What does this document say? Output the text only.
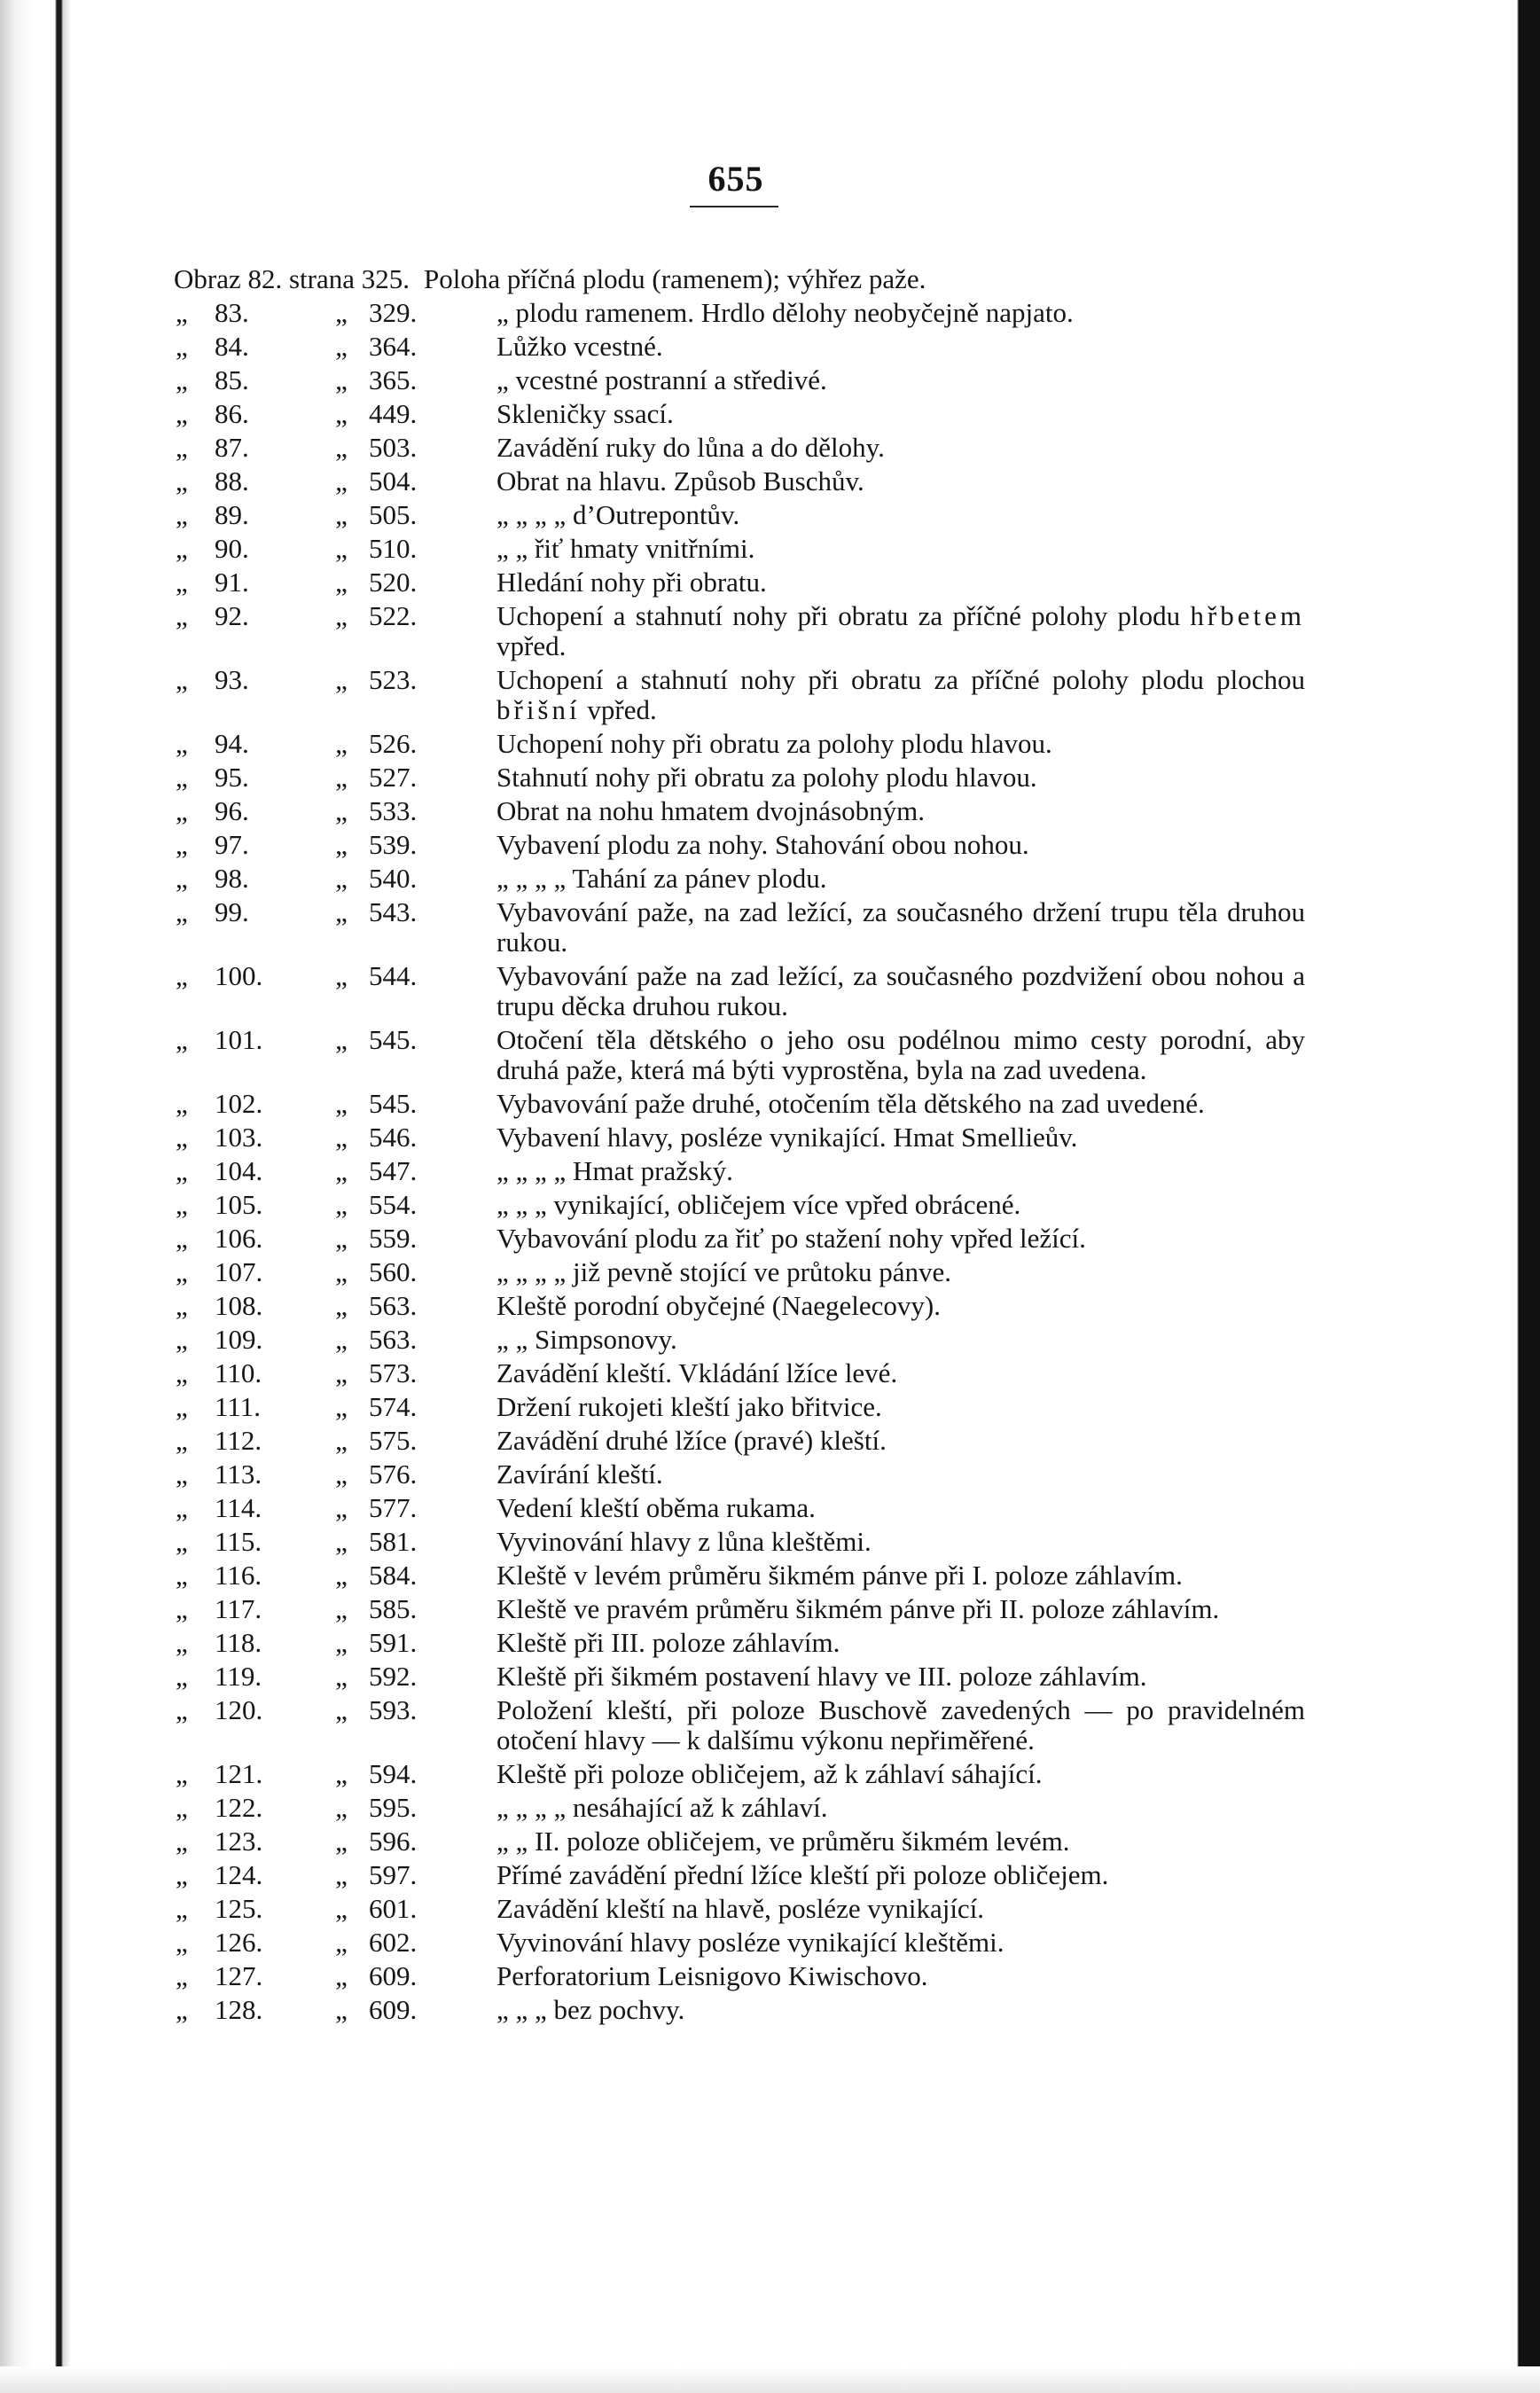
655
Obraz 82. strana 325. Poloha příčná plodu (ramenem); výhřez paže.
„ 83.	„ 329.	„ plodu ramenem. Hrdlo dělohy neobyčejně napjato.
„ 84.	„ 364.	Lůžko vcestné.
„ 85.	„ 365.	„ vcestné postranní a středivé.
„ 86.	„ 449.	Skleničky ssací.
„ 87.	„ 503.	Zavádění ruky do lůna a do dělohy.
„ 88.	„ 504.	Obrat na hlavu. Způsob Buschův.
„ 89.	„ 505.	„ „ „ „ d’Outrepontův.
„ 90.	„ 510.	„ „ řiť hmaty vnitřními.
„ 91.	„ 520.	Hledání nohy při obratu.
„ 92.	„ 522.	Uchopení a stahnutí nohy při obratu za příčné polohy plodu hřbetem vpřed.
„ 93.	„ 523.	Uchopení a stahnutí nohy při obratu za příčné polohy plodu plochou břišní vpřed.
„ 94.	„ 526.	Uchopení nohy při obratu za polohy plodu hlavou.
„ 95.	„ 527.	Stahnutí nohy při obratu za polohy plodu hlavou.
„ 96.	„ 533.	Obrat na nohu hmatem dvojnásobným.
„ 97.	„ 539.	Vybavení plodu za nohy. Stahování obou nohou.
„ 98.	„ 540.	„ „ „ „ Tahání za pánev plodu.
„ 99.	„ 543.	Vybavování paže, na zad ležící, za současného držení trupu těla druhou rukou.
„ 100.	„ 544.	Vybavování paže na zad ležící, za současného pozdvižení obou nohou a trupu děcka druhou rukou.
„ 101.	„ 545.	Otočení těla dětského o jeho osu podélnou mimo cesty porodní, aby druhá paže, která má býti vyprostěna, byla na zad uvedena.
„ 102.	„ 545.	Vybavování paže druhé, otočením těla dětského na zad uvedené.
„ 103.	„ 546.	Vybavení hlavy, posléze vynikající. Hmat Smellieův.
„ 104.	„ 547.	„ „ „ „ Hmat pražský.
„ 105.	„ 554.	„ „ „ vynikající, obličejem více vpřed obrácené.
„ 106.	„ 559.	Vybavování plodu za řiť po stažení nohy vpřed ležící.
„ 107.	„ 560.	„ „ „ „ již pevně stojící ve průtoku pánve.
„ 108.	„ 563.	Kleště porodní obyčejné (Naegelecovy).
„ 109.	„ 563.	„ „ Simpsonovy.
„ 110.	„ 573.	Zavádění kleští. Vkládání lžíce levé.
„ 111.	„ 574.	Držení rukojeti kleští jako břitvice.
„ 112.	„ 575.	Zavádění druhé lžíce (pravé) kleští.
„ 113.	„ 576.	Zavírání kleští.
„ 114.	„ 577.	Vedení kleští oběma rukama.
„ 115.	„ 581.	Vyvinování hlavy z lůna kleštěmi.
„ 116.	„ 584.	Kleště v levém průměru šikmém pánve při I. poloze záhlavím.
„ 117.	„ 585.	Kleště ve pravém průměru šikmém pánve při II. poloze záhlavím.
„ 118.	„ 591.	Kleště při III. poloze záhlavím.
„ 119.	„ 592.	Kleště při šikmém postavení hlavy ve III. poloze záhlavím.
„ 120.	„ 593.	Položení kleští, při poloze Buschově zavedených — po pravidelném otočení hlavy — k dalšímu výkonu nepřiměřené.
„ 121.	„ 594.	Kleště při poloze obličejem, až k záhlaví sáhající.
„ 122.	„ 595.	„ „ „ „ nesáhající až k záhlaví.
„ 123.	„ 596.	„ „ II. poloze obličejem, ve průměru šikmém levém.
„ 124.	„ 597.	Přímé zavádění přední lžíce kleští při poloze obličejem.
„ 125.	„ 601.	Zavádění kleští na hlavě, posléze vynikající.
„ 126.	„ 602.	Vyvinování hlavy posléze vynikající kleštěmi.
„ 127.	„ 609.	Perforatorium Leisnigovo Kiwischovo.
„ 128.	„ 609.	„ „ „ bez pochvy.
